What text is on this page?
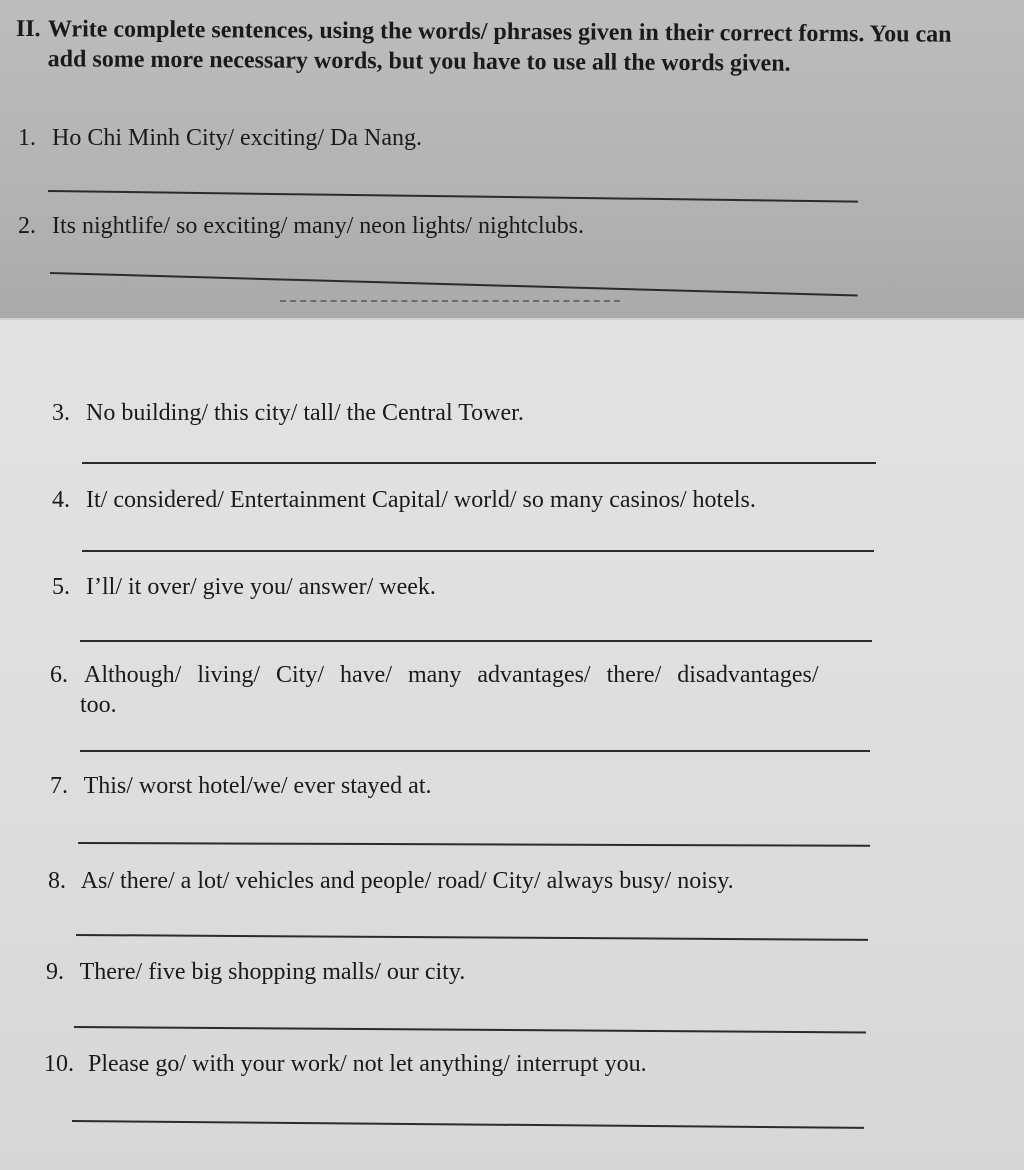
II. Write complete sentences, using the words/ phrases given in their correct forms. You can add some more necessary words, but you have to use all the words given.
1. Ho Chi Minh City/ exciting/ Da Nang.
2. Its nightlife/ so exciting/ many/ neon lights/ nightclubs.
3. No building/ this city/ tall/ the Central Tower.
4. It/ considered/ Entertainment Capital/ world/ so many casinos/ hotels.
5. I’ll/ it over/ give you/ answer/ week.
6. Although/ living/ City/ have/ many advantages/ there/ disadvantages/
too.
7. This/ worst hotel/we/ ever stayed at.
8. As/ there/ a lot/ vehicles and people/ road/ City/ always busy/ noisy.
9. There/ five big shopping malls/ our city.
10. Please go/ with your work/ not let anything/ interrupt you.
